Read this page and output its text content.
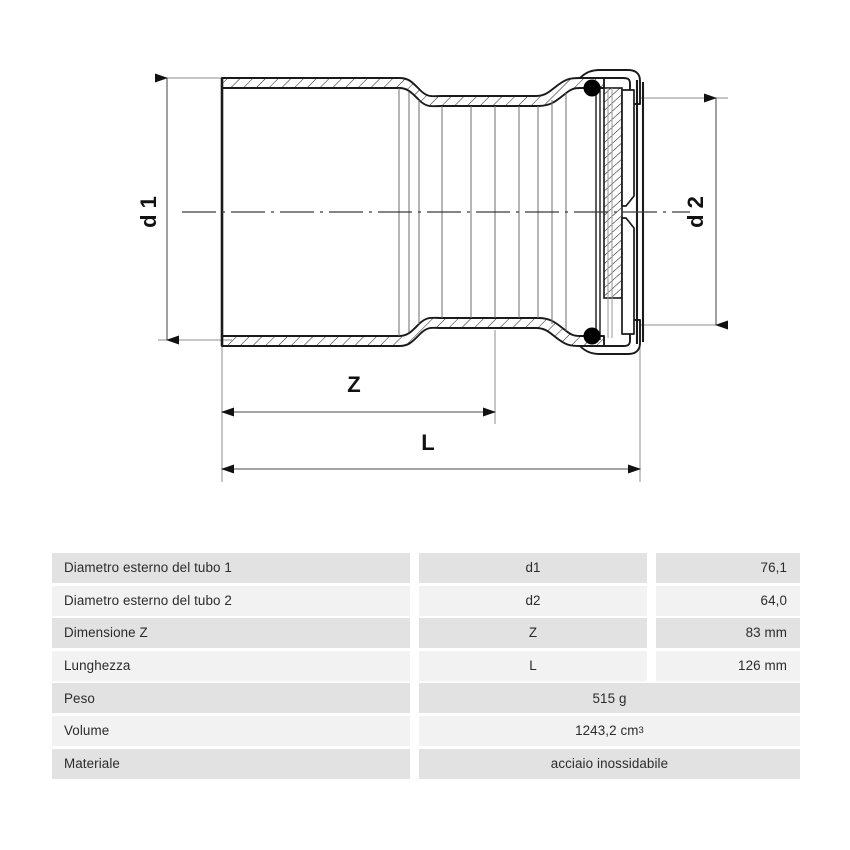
d 1	d 2
Z
L
Diametro esterno del tubo 1	d1	76,1
Diametro esterno del tubo 2	d2	64,0
Dimensione Z	Z	83 mm
Lunghezza	L	126 mm
Peso	515 g
Volume	1243,2 cm 3
Materiale	acciaio inossidabile
